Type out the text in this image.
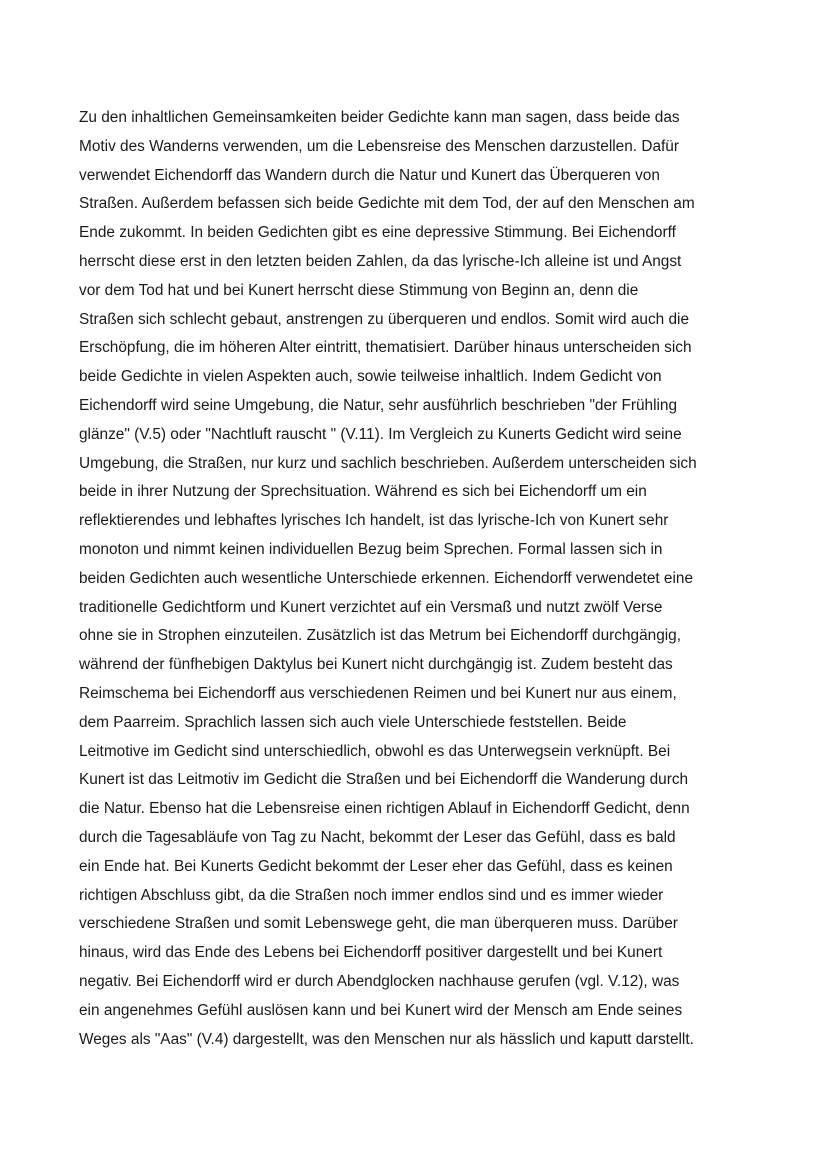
Zu den inhaltlichen Gemeinsamkeiten beider Gedichte kann man sagen, dass beide das
Motiv des Wanderns verwenden, um die Lebensreise des Menschen darzustellen. Dafür
verwendet Eichendorff das Wandern durch die Natur und Kunert das Überqueren von
Straßen. Außerdem befassen sich beide Gedichte mit dem Tod, der auf den Menschen am
Ende zukommt. In beiden Gedichten gibt es eine depressive Stimmung. Bei Eichendorff
herrscht diese erst in den letzten beiden Zahlen, da das lyrische-Ich alleine ist und Angst
vor dem Tod hat und bei Kunert herrscht diese Stimmung von Beginn an, denn die
Straßen sich schlecht gebaut, anstrengen zu überqueren und endlos. Somit wird auch die
Erschöpfung, die im höheren Alter eintritt, thematisiert. Darüber hinaus unterscheiden sich
beide Gedichte in vielen Aspekten auch, sowie teilweise inhaltlich. Indem Gedicht von
Eichendorff wird seine Umgebung, die Natur, sehr ausführlich beschrieben "der Frühling
glänze" (V.5) oder "Nachtluft rauscht " (V.11). Im Vergleich zu Kunerts Gedicht wird seine
Umgebung, die Straßen, nur kurz und sachlich beschrieben. Außerdem unterscheiden sich
beide in ihrer Nutzung der Sprechsituation. Während es sich bei Eichendorff um ein
reflektierendes und lebhaftes lyrisches Ich handelt, ist das lyrische-Ich von Kunert sehr
monoton und nimmt keinen individuellen Bezug beim Sprechen. Formal lassen sich in
beiden Gedichten auch wesentliche Unterschiede erkennen. Eichendorff verwendetet eine
traditionelle Gedichtform und Kunert verzichtet auf ein Versmaß und nutzt zwölf Verse
ohne sie in Strophen einzuteilen. Zusätzlich ist das Metrum bei Eichendorff durchgängig,
während der fünfhebigen Daktylus bei Kunert nicht durchgängig ist. Zudem besteht das
Reimschema bei Eichendorff aus verschiedenen Reimen und bei Kunert nur aus einem,
dem Paarreim. Sprachlich lassen sich auch viele Unterschiede feststellen. Beide
Leitmotive im Gedicht sind unterschiedlich, obwohl es das Unterwegsein verknüpft. Bei
Kunert ist das Leitmotiv im Gedicht die Straßen und bei Eichendorff die Wanderung durch
die Natur. Ebenso hat die Lebensreise einen richtigen Ablauf in Eichendorff Gedicht, denn
durch die Tagesabläufe von Tag zu Nacht, bekommt der Leser das Gefühl, dass es bald
ein Ende hat. Bei Kunerts Gedicht bekommt der Leser eher das Gefühl, dass es keinen
richtigen Abschluss gibt, da die Straßen noch immer endlos sind und es immer wieder
verschiedene Straßen und somit Lebenswege geht, die man überqueren muss. Darüber
hinaus, wird das Ende des Lebens bei Eichendorff positiver dargestellt und bei Kunert
negativ. Bei Eichendorff wird er durch Abendglocken nachhause gerufen (vgl. V.12), was
ein angenehmes Gefühl auslösen kann und bei Kunert wird der Mensch am Ende seines
Weges als "Aas" (V.4) dargestellt, was den Menschen nur als hässlich und kaputt darstellt.
